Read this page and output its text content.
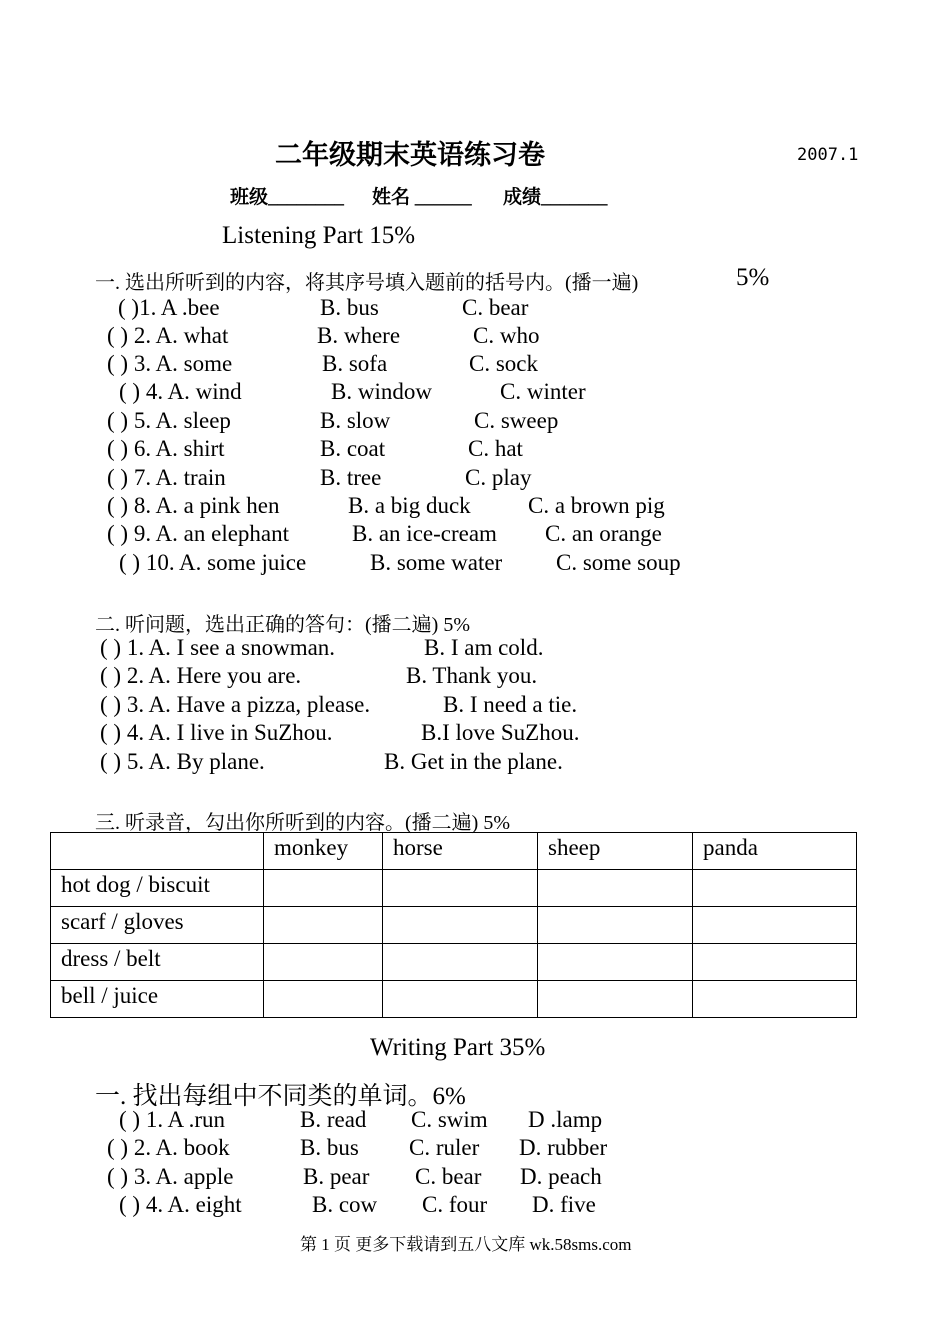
二年级期末英语练习卷	2007.1
班级________ 姓名 ______ 成绩_______
Listening Part 15%
一. 选出所听到的内容，将其序号填入题前的括号内。(播一遍)	5%
( )1. A .bee	B. bus	C. bear
( ) 2. A. what	B. where	C. who
( ) 3. A. some	B. sofa	C. sock
( ) 4. A. wind	B. window	C. winter
( ) 5. A. sleep	B. slow	C. sweep
( ) 6. A. shirt	B. coat	C. hat
( ) 7. A. train	B. tree	C. play
( ) 8. A. a pink hen	B. a big duck C. a brown pig
( ) 9. A. an elephant	B. an ice-cream C. an orange
( ) 10. A. some juice	B. some water C. some soup
二. 听问题，选出正确的答句：(播二遍) 5%
( ) 1. A. I see a snowman.	B. I am cold.
( ) 2. A. Here you are.	B. Thank you.
( ) 3. A. Have a pizza, please.	B. I need a tie.
( ) 4. A. I live in SuZhou.	B.I love SuZhou.
( ) 5. A. By plane.	B. Get in the plane.
三. 听录音，勾出你所听到的内容。(播二遍) 5%
	monkey	horse	sheep	panda
hot dog / biscuit				
scarf / gloves				
dress / belt				
bell / juice				
Writing Part 35%
一. 找出每组中不同类的单词。6%
( ) 1. A .run	B. read C. swim D .lamp
( ) 2. A. book	B. bus C. ruler D. rubber
( ) 3. A. apple	B. pear C. bear D. peach
( ) 4. A. eight	B. cow C. four D. five
第 1 页 更多下载请到五八文库 wk.58sms.com
